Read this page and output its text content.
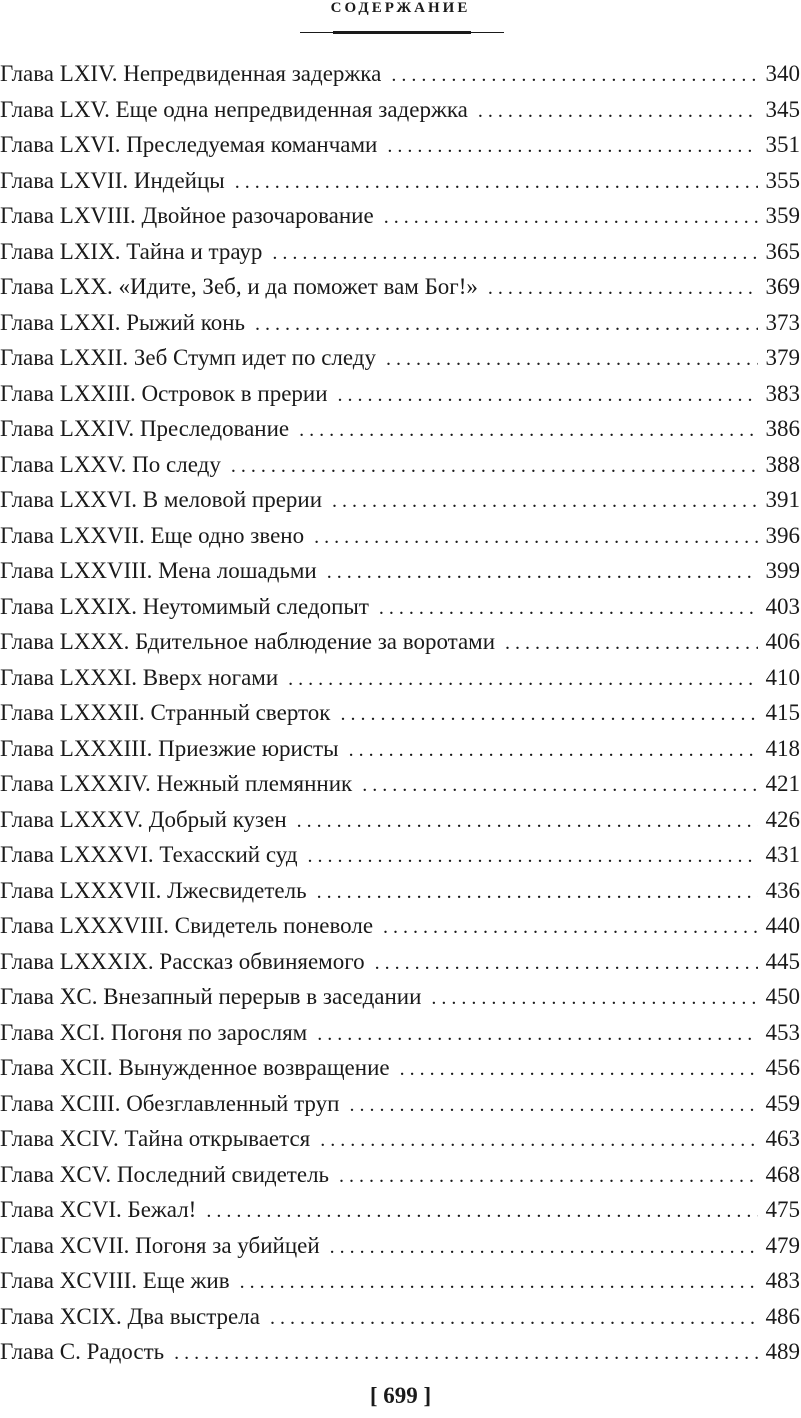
СОДЕРЖАНИЕ
Глава LXIV. Непредвиденная задержка . . .	340
Глава LXV. Еще одна непредвиденная задержка . . .	345
Глава LXVI. Преследуемая команчами . . .	351
Глава LXVII. Индейцы . . .	355
Глава LXVIII. Двойное разочарование . . .	359
Глава LXIX. Тайна и траур . . .	365
Глава LXX. «Идите, Зеб, и да поможет вам Бог!» . . .	369
Глава LXXI. Рыжий конь . . .	373
Глава LXXII. Зеб Стумп идет по следу . . .	379
Глава LXXIII. Островок в прерии . . .	383
Глава LXXIV. Преследование . . .	386
Глава LXXV. По следу . . .	388
Глава LXXVI. В меловой прерии . . .	391
Глава LXXVII. Еще одно звено . . .	396
Глава LXXVIII. Мена лошадьми . . .	399
Глава LXXIX. Неутомимый следопыт . . .	403
Глава LXXX. Бдительное наблюдение за воротами . . .	406
Глава LXXXI. Вверх ногами . . .	410
Глава LXXXII. Странный сверток . . .	415
Глава LXXXIII. Приезжие юристы . . .	418
Глава LXXXIV. Нежный племянник . . .	421
Глава LXXXV. Добрый кузен . . .	426
Глава LXXXVI. Техасский суд . . .	431
Глава LXXXVII. Лжесвидетель . . .	436
Глава LXXXVIII. Свидетель поневоле . . .	440
Глава LXXXIX. Рассказ обвиняемого . . .	445
Глава XC. Внезапный перерыв в заседании . . .	450
Глава XCI. Погоня по зарослям . . .	453
Глава XCII. Вынужденное возвращение . . .	456
Глава XCIII. Обезглавленный труп . . .	459
Глава XCIV. Тайна открывается . . .	463
Глава XCV. Последний свидетель . . .	468
Глава XCVI. Бежал! . . .	475
Глава XCVII. Погоня за убийцей . . .	479
Глава XCVIII. Еще жив . . .	483
Глава XCIX. Два выстрела . . .	486
Глава C. Радость . . .	489
[ 699 ]
